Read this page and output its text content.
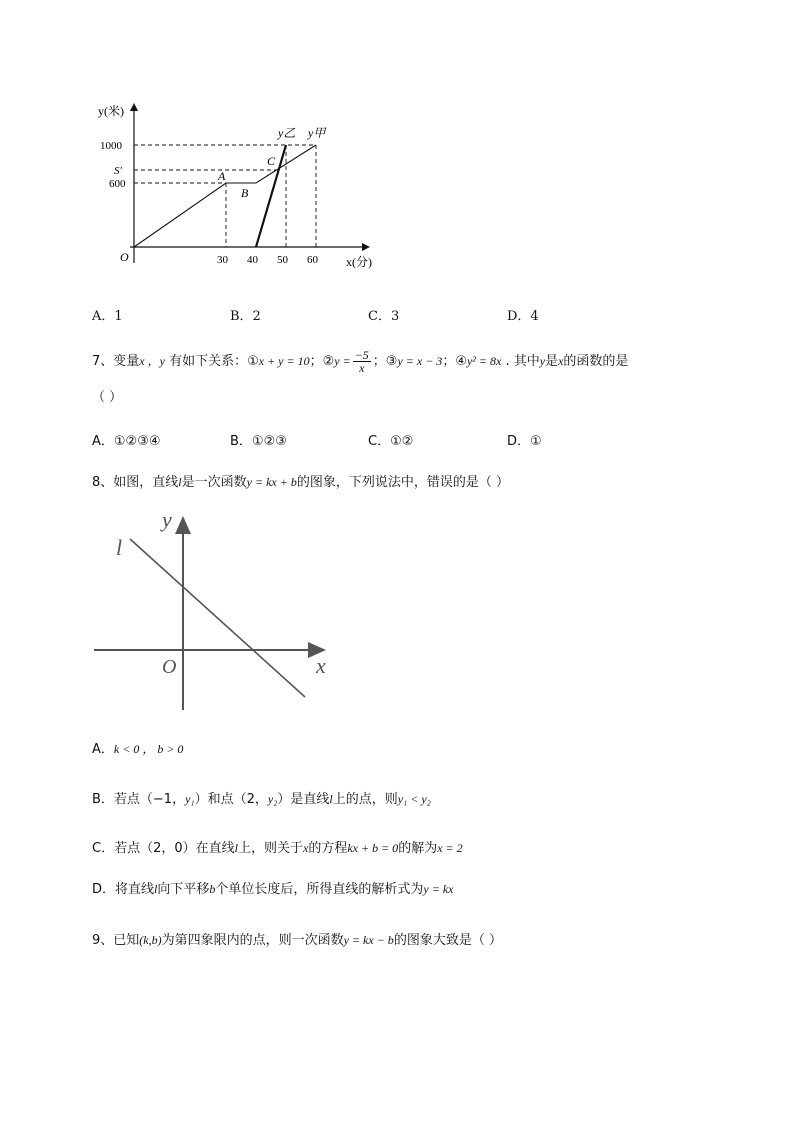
y(米)
x(分)
O
1000
S′
600
30 40 50 60
A
B
C
y乙 y甲
A．1	B．2	C．3	D．4
7、变量x ，y 有如下关系：①x + y = 10；②y = $\frac{-5}{x}$ ；③y = x − 3；④y² = 8x . 其中y是x的函数的是
（ ）
A．①②③④	B．①②③	C．①②	D．①
8、如图，直线l是一次函数y = kx + b的图象，下列说法中，错误的是（ ）
l
y
x
O
A．k < 0 ， b > 0
B．若点（−1，y₁）和点（2，y₂）是直线l上的点，则y₁ < y₂
C．若点（2，0）在直线l上，则关于x的方程kx + b = 0的解为x = 2
D．将直线l向下平移b个单位长度后，所得直线的解析式为y = kx
9、已知(k,b)为第四象限内的点，则一次函数y = kx − b的图象大致是（ ）
